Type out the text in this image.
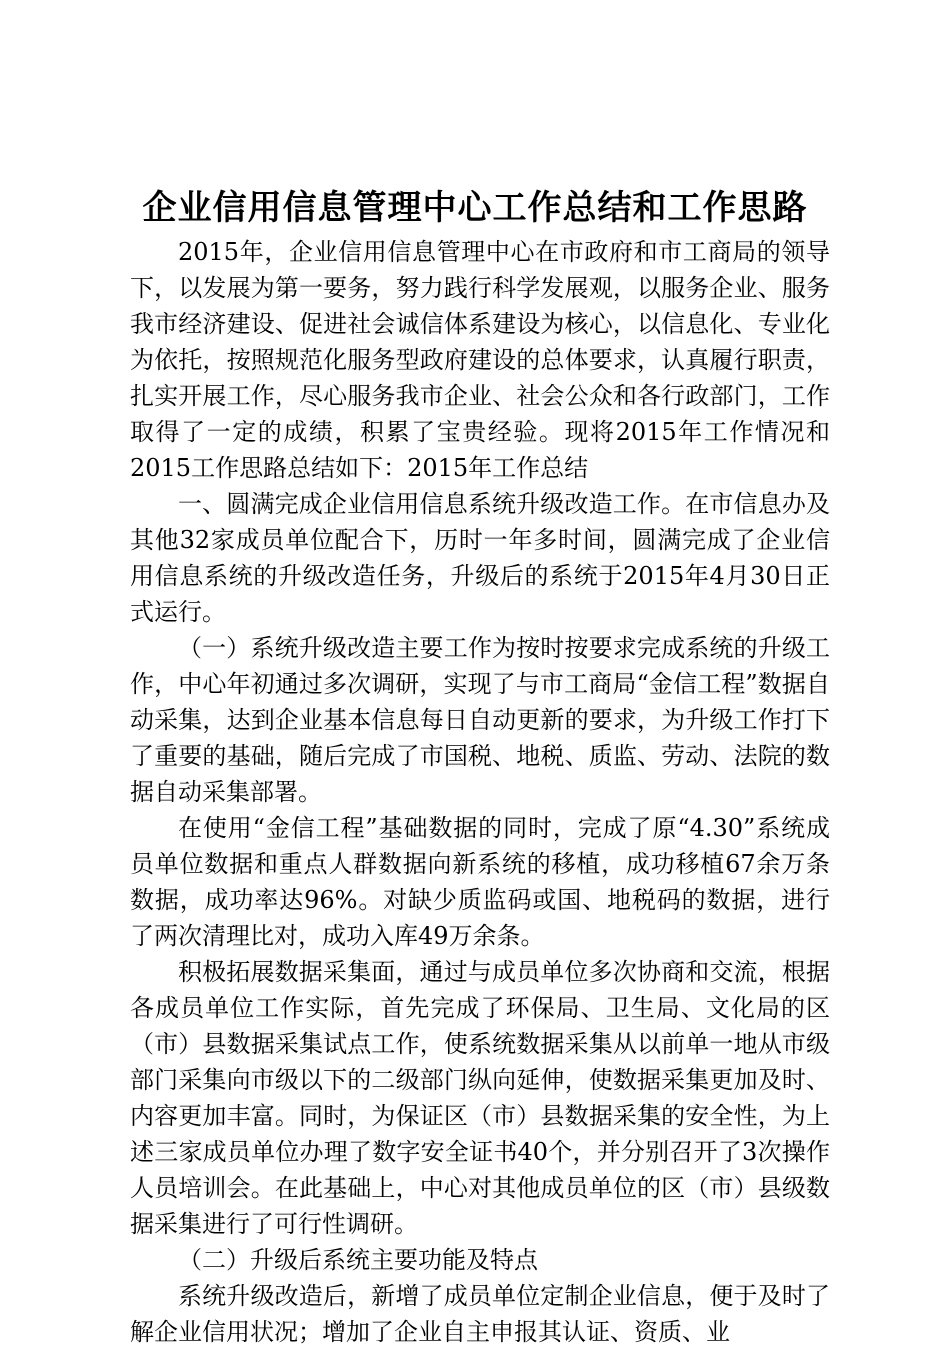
企业信用信息管理中心工作总结和工作思路

2015年，企业信用信息管理中心在市政府和市工商局的领导下，以发展为第一要务，努力践行科学发展观，以服务企业、服务我市经济建设、促进社会诚信体系建设为核心，以信息化、专业化为依托，按照规范化服务型政府建设的总体要求，认真履行职责，扎实开展工作，尽心服务我市企业、社会公众和各行政部门，工作取得了一定的成绩，积累了宝贵经验。现将2015年工作情况和2015工作思路总结如下：2015年工作总结

一、圆满完成企业信用信息系统升级改造工作。在市信息办及其他32家成员单位配合下，历时一年多时间，圆满完成了企业信用信息系统的升级改造任务，升级后的系统于2015年4月30日正式运行。

（一）系统升级改造主要工作为按时按要求完成系统的升级工作，中心年初通过多次调研，实现了与市工商局“金信工程”数据自动采集，达到企业基本信息每日自动更新的要求，为升级工作打下了重要的基础，随后完成了市国税、地税、质监、劳动、法院的数据自动采集部署。

在使用“金信工程”基础数据的同时，完成了原“4.30”系统成员单位数据和重点人群数据向新系统的移植，成功移植67余万条数据，成功率达96%。对缺少质监码或国、地税码的数据，进行了两次清理比对，成功入库49万余条。

积极拓展数据采集面，通过与成员单位多次协商和交流，根据各成员单位工作实际，首先完成了环保局、卫生局、文化局的区（市）县数据采集试点工作，使系统数据采集从以前单一地从市级部门采集向市级以下的二级部门纵向延伸，使数据采集更加及时、内容更加丰富。同时，为保证区（市）县数据采集的安全性，为上述三家成员单位办理了数字安全证书40个，并分别召开了3次操作人员培训会。在此基础上，中心对其他成员单位的区（市）县级数据采集进行了可行性调研。

（二）升级后系统主要功能及特点

系统升级改造后，新增了成员单位定制企业信息，便于及时了解企业信用状况；增加了企业自主申报其认证、资质、业
